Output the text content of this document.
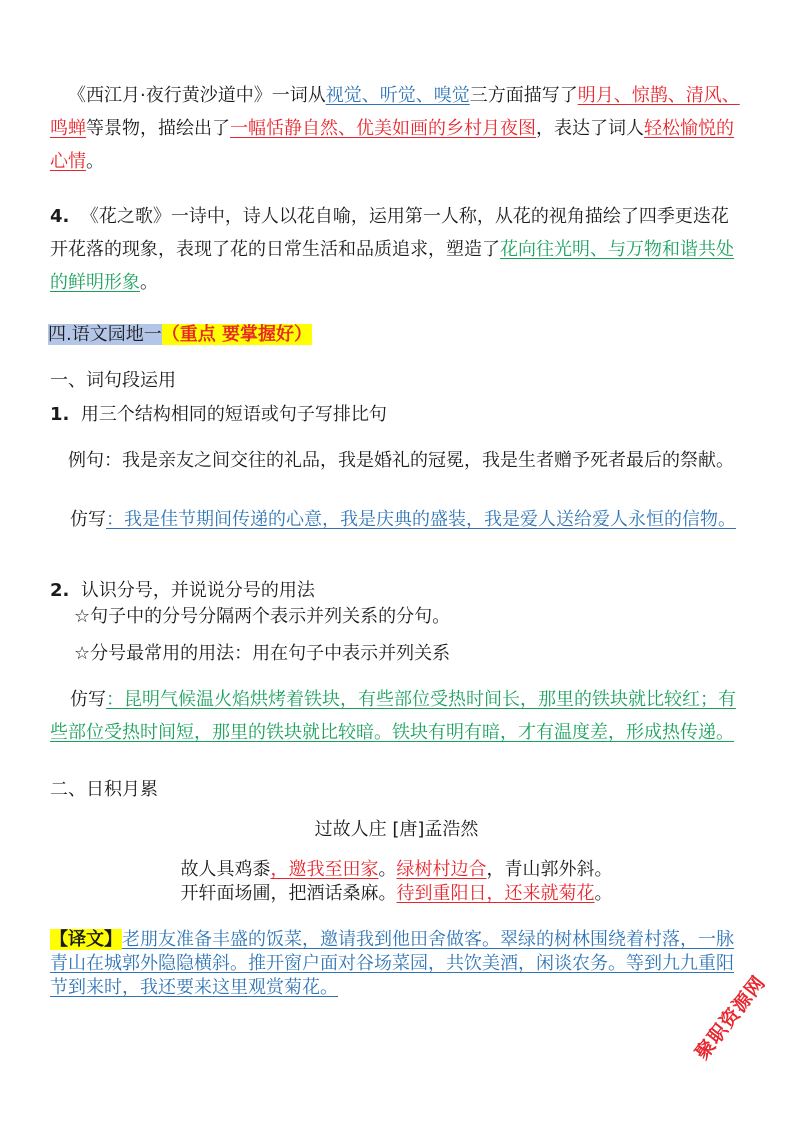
《西江月·夜行黄沙道中》一词从视觉、听觉、嗅觉三方面描写了明月、惊鹊、清风、鸣蝉等景物，描绘出了一幅恬静自然、优美如画的乡村月夜图，表达了词人轻松愉悦的心情。

4. 《花之歌》一诗中，诗人以花自喻，运用第一人称，从花的视角描绘了四季更迭花开花落的现象，表现了花的日常生活和品质追求，塑造了花向往光明、与万物和谐共处的鲜明形象。

四.语文园地一（重点 要掌握好）
一、词句段运用
1. 用三个结构相同的短语或句子写排比句

例句：我是亲友之间交往的礼品，我是婚礼的冠冕，我是生者赠予死者最后的祭献。

仿写：我是佳节期间传递的心意，我是庆典的盛装，我是爱人送给爱人永恒的信物。

2. 认识分号，并说说分号的用法
☆句子中的分号分隔两个表示并列关系的分句。
☆分号最常用的用法：用在句子中表示并列关系

仿写：昆明气候温火焰烘烤着铁块，有些部位受热时间长，那里的铁块就比较红；有些部位受热时间短，那里的铁块就比较暗。铁块有明有暗，才有温度差，形成热传递。

二、日积月累
过故人庄 [唐]孟浩然
故人具鸡黍，邀我至田家。绿树村边合，青山郭外斜。
开轩面场圃，把酒话桑麻。待到重阳日，还来就菊花。

【译文】老朋友准备丰盛的饭菜，邀请我到他田舍做客。翠绿的树林围绕着村落，一脉青山在城郭外隐隐横斜。推开窗户面对谷场菜园，共饮美酒，闲谈农务。等到九九重阳节到来时，我还要来这里观赏菊花。	聚职资源网
